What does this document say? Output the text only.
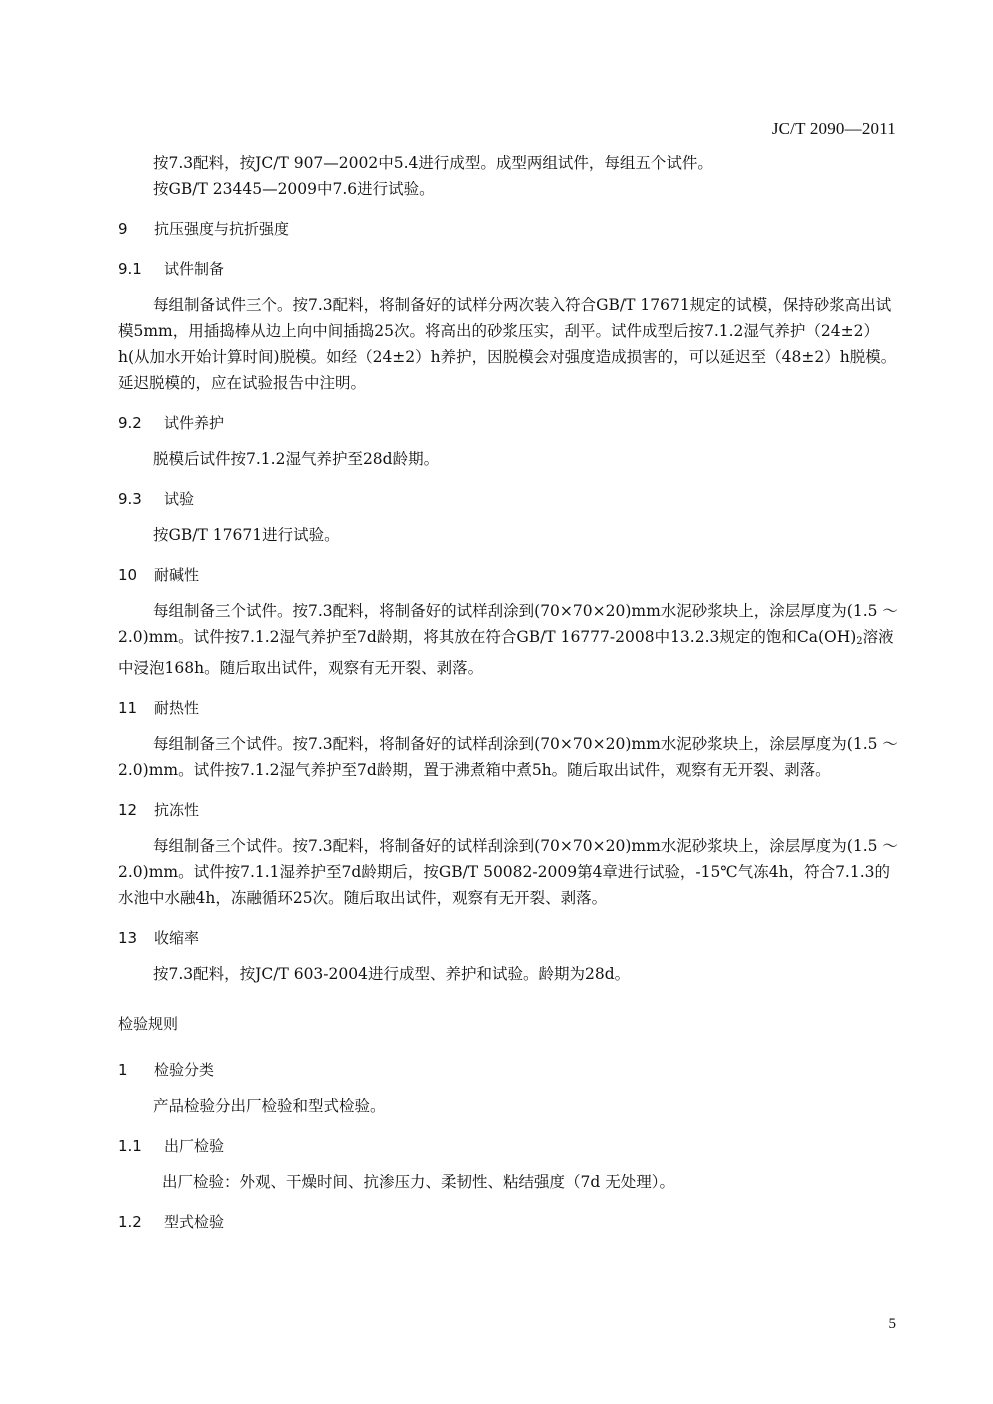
JC/T 2090—2011

按7.3配料，按JC/T 907—2002中5.4进行成型。成型两组试件，每组五个试件。

按GB/T 23445—2009中7.6进行试验。

9	抗压强度与抗折强度
9.1	试件制备

每组制备试件三个。按7.3配料，将制备好的试样分两次装入符合GB/T 17671规定的试模，保持砂浆高出试模5mm，用插捣棒从边上向中间插捣25次。将高出的砂浆压实，刮平。试件成型后按7.1.2湿气养护（24±2）h(从加水开始计算时间)脱模。如经（24±2）h养护，因脱模会对强度造成损害的，可以延迟至（48±2）h脱模。延迟脱模的，应在试验报告中注明。

9.2	试件养护

脱模后试件按7.1.2湿气养护至28d龄期。

9.3	试验

按GB/T 17671进行试验。

10	耐碱性

每组制备三个试件。按7.3配料，将制备好的试样刮涂到(70×70×20)mm水泥砂浆块上，涂层厚度为(1.5 ～2.0)mm。试件按7.1.2湿气养护至7d龄期，将其放在符合GB/T 16777-2008中13.2.3规定的饱和Ca(OH)2溶液中浸泡168h。随后取出试件，观察有无开裂、剥落。

11	耐热性

每组制备三个试件。按7.3配料，将制备好的试样刮涂到(70×70×20)mm水泥砂浆块上，涂层厚度为(1.5 ～2.0)mm。试件按7.1.2湿气养护至7d龄期，置于沸煮箱中煮5h。随后取出试件，观察有无开裂、剥落。

12	抗冻性

每组制备三个试件。按7.3配料，将制备好的试样刮涂到(70×70×20)mm水泥砂浆块上，涂层厚度为(1.5 ～2.0)mm。试件按7.1.1湿养护至7d龄期后，按GB/T 50082-2009第4章进行试验，-15℃气冻4h，符合7.1.3的水池中水融4h，冻融循环25次。随后取出试件，观察有无开裂、剥落。

13	收缩率

按7.3配料，按JC/T 603-2004进行成型、养护和试验。龄期为28d。

检验规则
1	检验分类

产品检验分出厂检验和型式检验。

1.1	出厂检验

出厂检验：外观、干燥时间、抗渗压力、柔韧性、粘结强度（7d 无处理）。

1.2	型式检验
5
